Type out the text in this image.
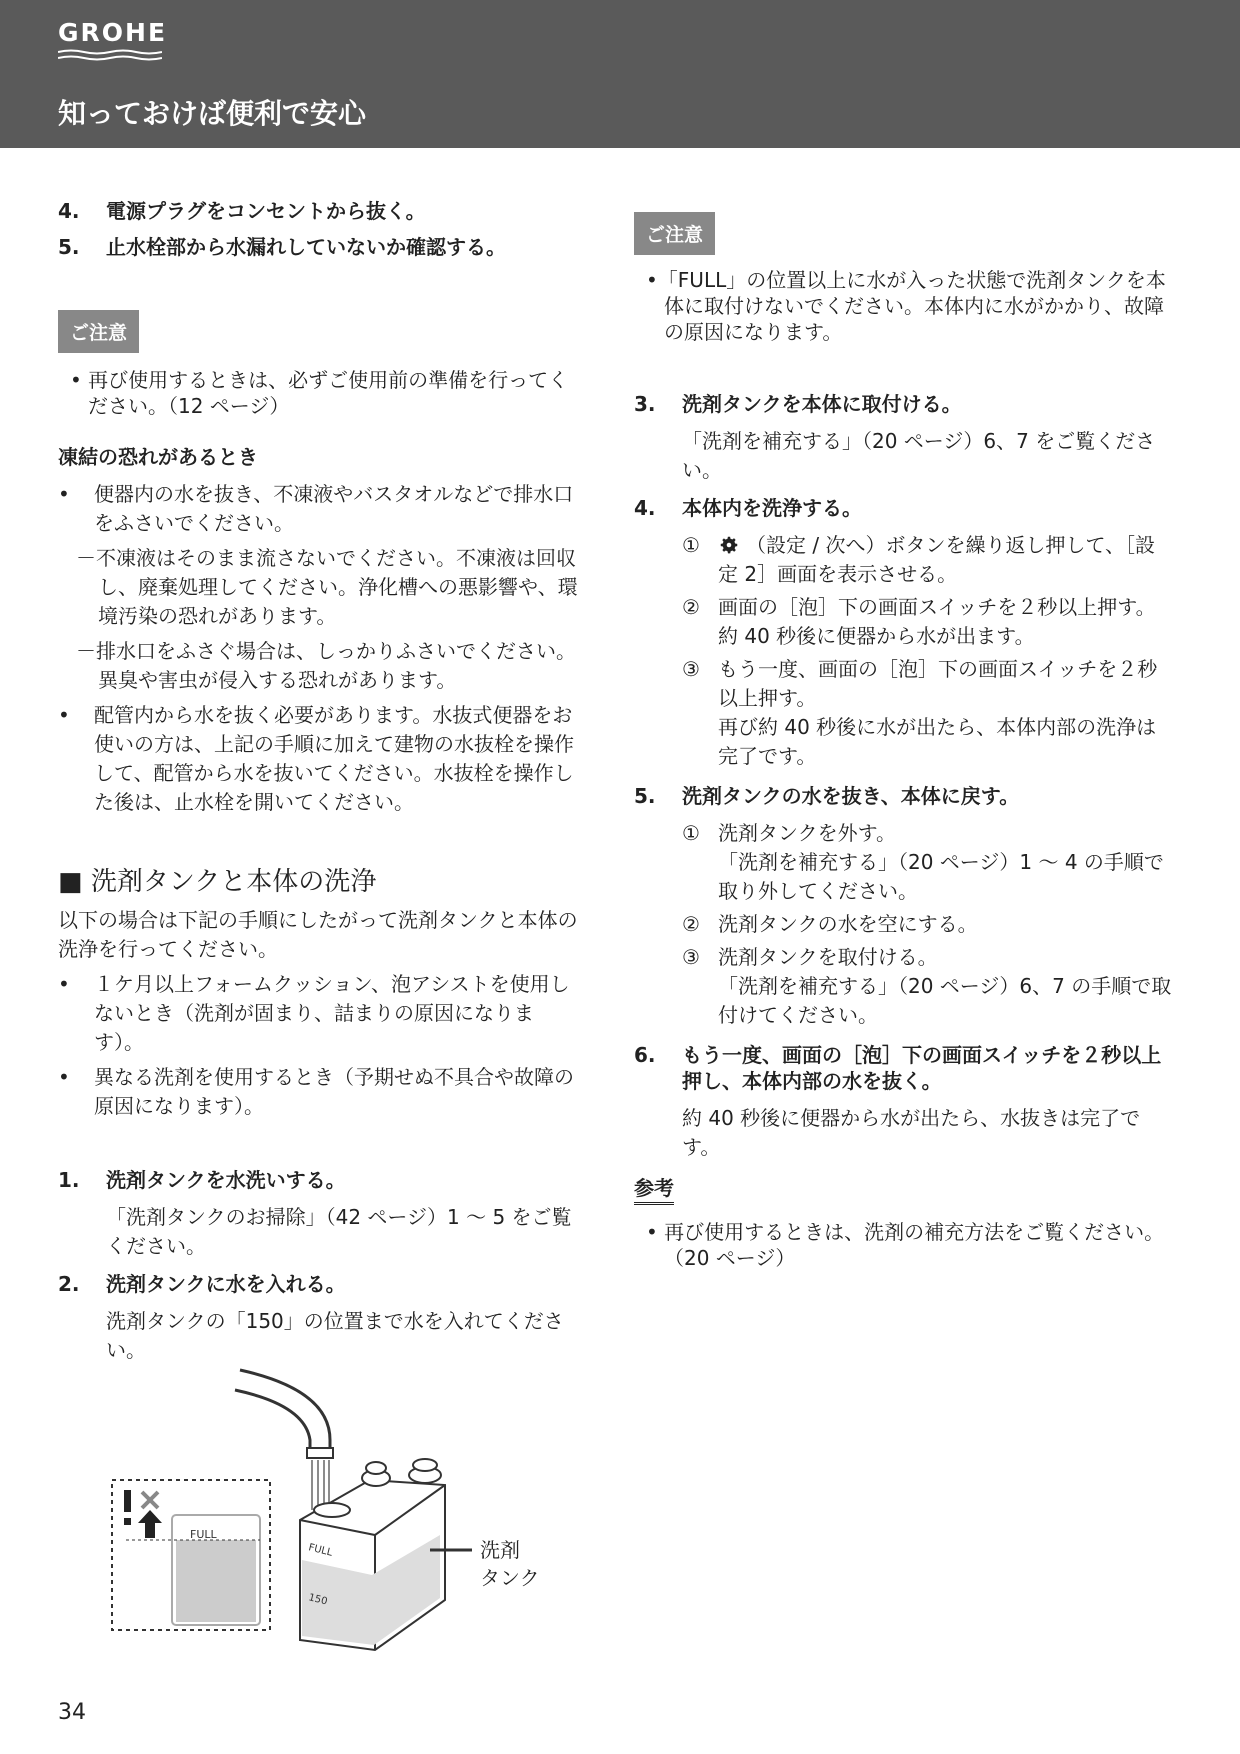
GROHE
知っておけば便利で安心
4.	電源プラグをコンセントから抜く。
5.	止水栓部から水漏れしていないか確認する。
ご注意
• 再び使用するときは、必ずご使用前の準備を行ってください。（12 ページ）
凍結の恐れがあるとき
•	便器内の水を抜き、不凍液やバスタオルなどで排水口をふさいでください。
－不凍液はそのまま流さないでください。不凍液は回収し、廃棄処理してください。浄化槽への悪影響や、環境汚染の恐れがあります。
－排水口をふさぐ場合は、しっかりふさいでください。異臭や害虫が侵入する恐れがあります。
•	配管内から水を抜く必要があります。水抜式便器をお使いの方は、上記の手順に加えて建物の水抜栓を操作して、配管から水を抜いてください。水抜栓を操作した後は、止水栓を開いてください。
■ 洗剤タンクと本体の洗浄
以下の場合は下記の手順にしたがって洗剤タンクと本体の洗浄を行ってください。
•	１ケ月以上フォームクッション、泡アシストを使用しないとき（洗剤が固まり、詰まりの原因になります）。
•	異なる洗剤を使用するとき（予期せぬ不具合や故障の原因になります）。
1.	洗剤タンクを水洗いする。
「洗剤タンクのお掃除」（42 ページ）1 ～ 5 をご覧ください。
2.	洗剤タンクに水を入れる。
洗剤タンクの「150」の位置まで水を入れてください。
FULL
150
FULL
洗剤
タンク
ご注意
•「FULL」の位置以上に水が入った状態で洗剤タンクを本体に取付けないでください。本体内に水がかかり、故障の原因になります。
3.	洗剤タンクを本体に取付ける。
「洗剤を補充する」（20 ページ）6、7 をご覧ください。
4.	本体内を洗浄する。
①	（設定 / 次へ）ボタンを繰り返し押して、［設定 2］画面を表示させる。
② 画面の［泡］下の画面スイッチを２秒以上押す。
約 40 秒後に便器から水が出ます。
③ もう一度、画面の［泡］下の画面スイッチを２秒以上押す。
再び約 40 秒後に水が出たら、本体内部の洗浄は完了です。
5.	洗剤タンクの水を抜き、本体に戻す。
① 洗剤タンクを外す。
「洗剤を補充する」（20 ページ）1 ～ 4 の手順で取り外してください。
② 洗剤タンクの水を空にする。
③ 洗剤タンクを取付ける。
「洗剤を補充する」（20 ページ）6、7 の手順で取付けてください。
6.	もう一度、画面の［泡］下の画面スイッチを２秒以上押し、本体内部の水を抜く。
約 40 秒後に便器から水が出たら、水抜きは完了です。
参考
• 再び使用するときは、洗剤の補充方法をご覧ください。（20 ページ）
34
